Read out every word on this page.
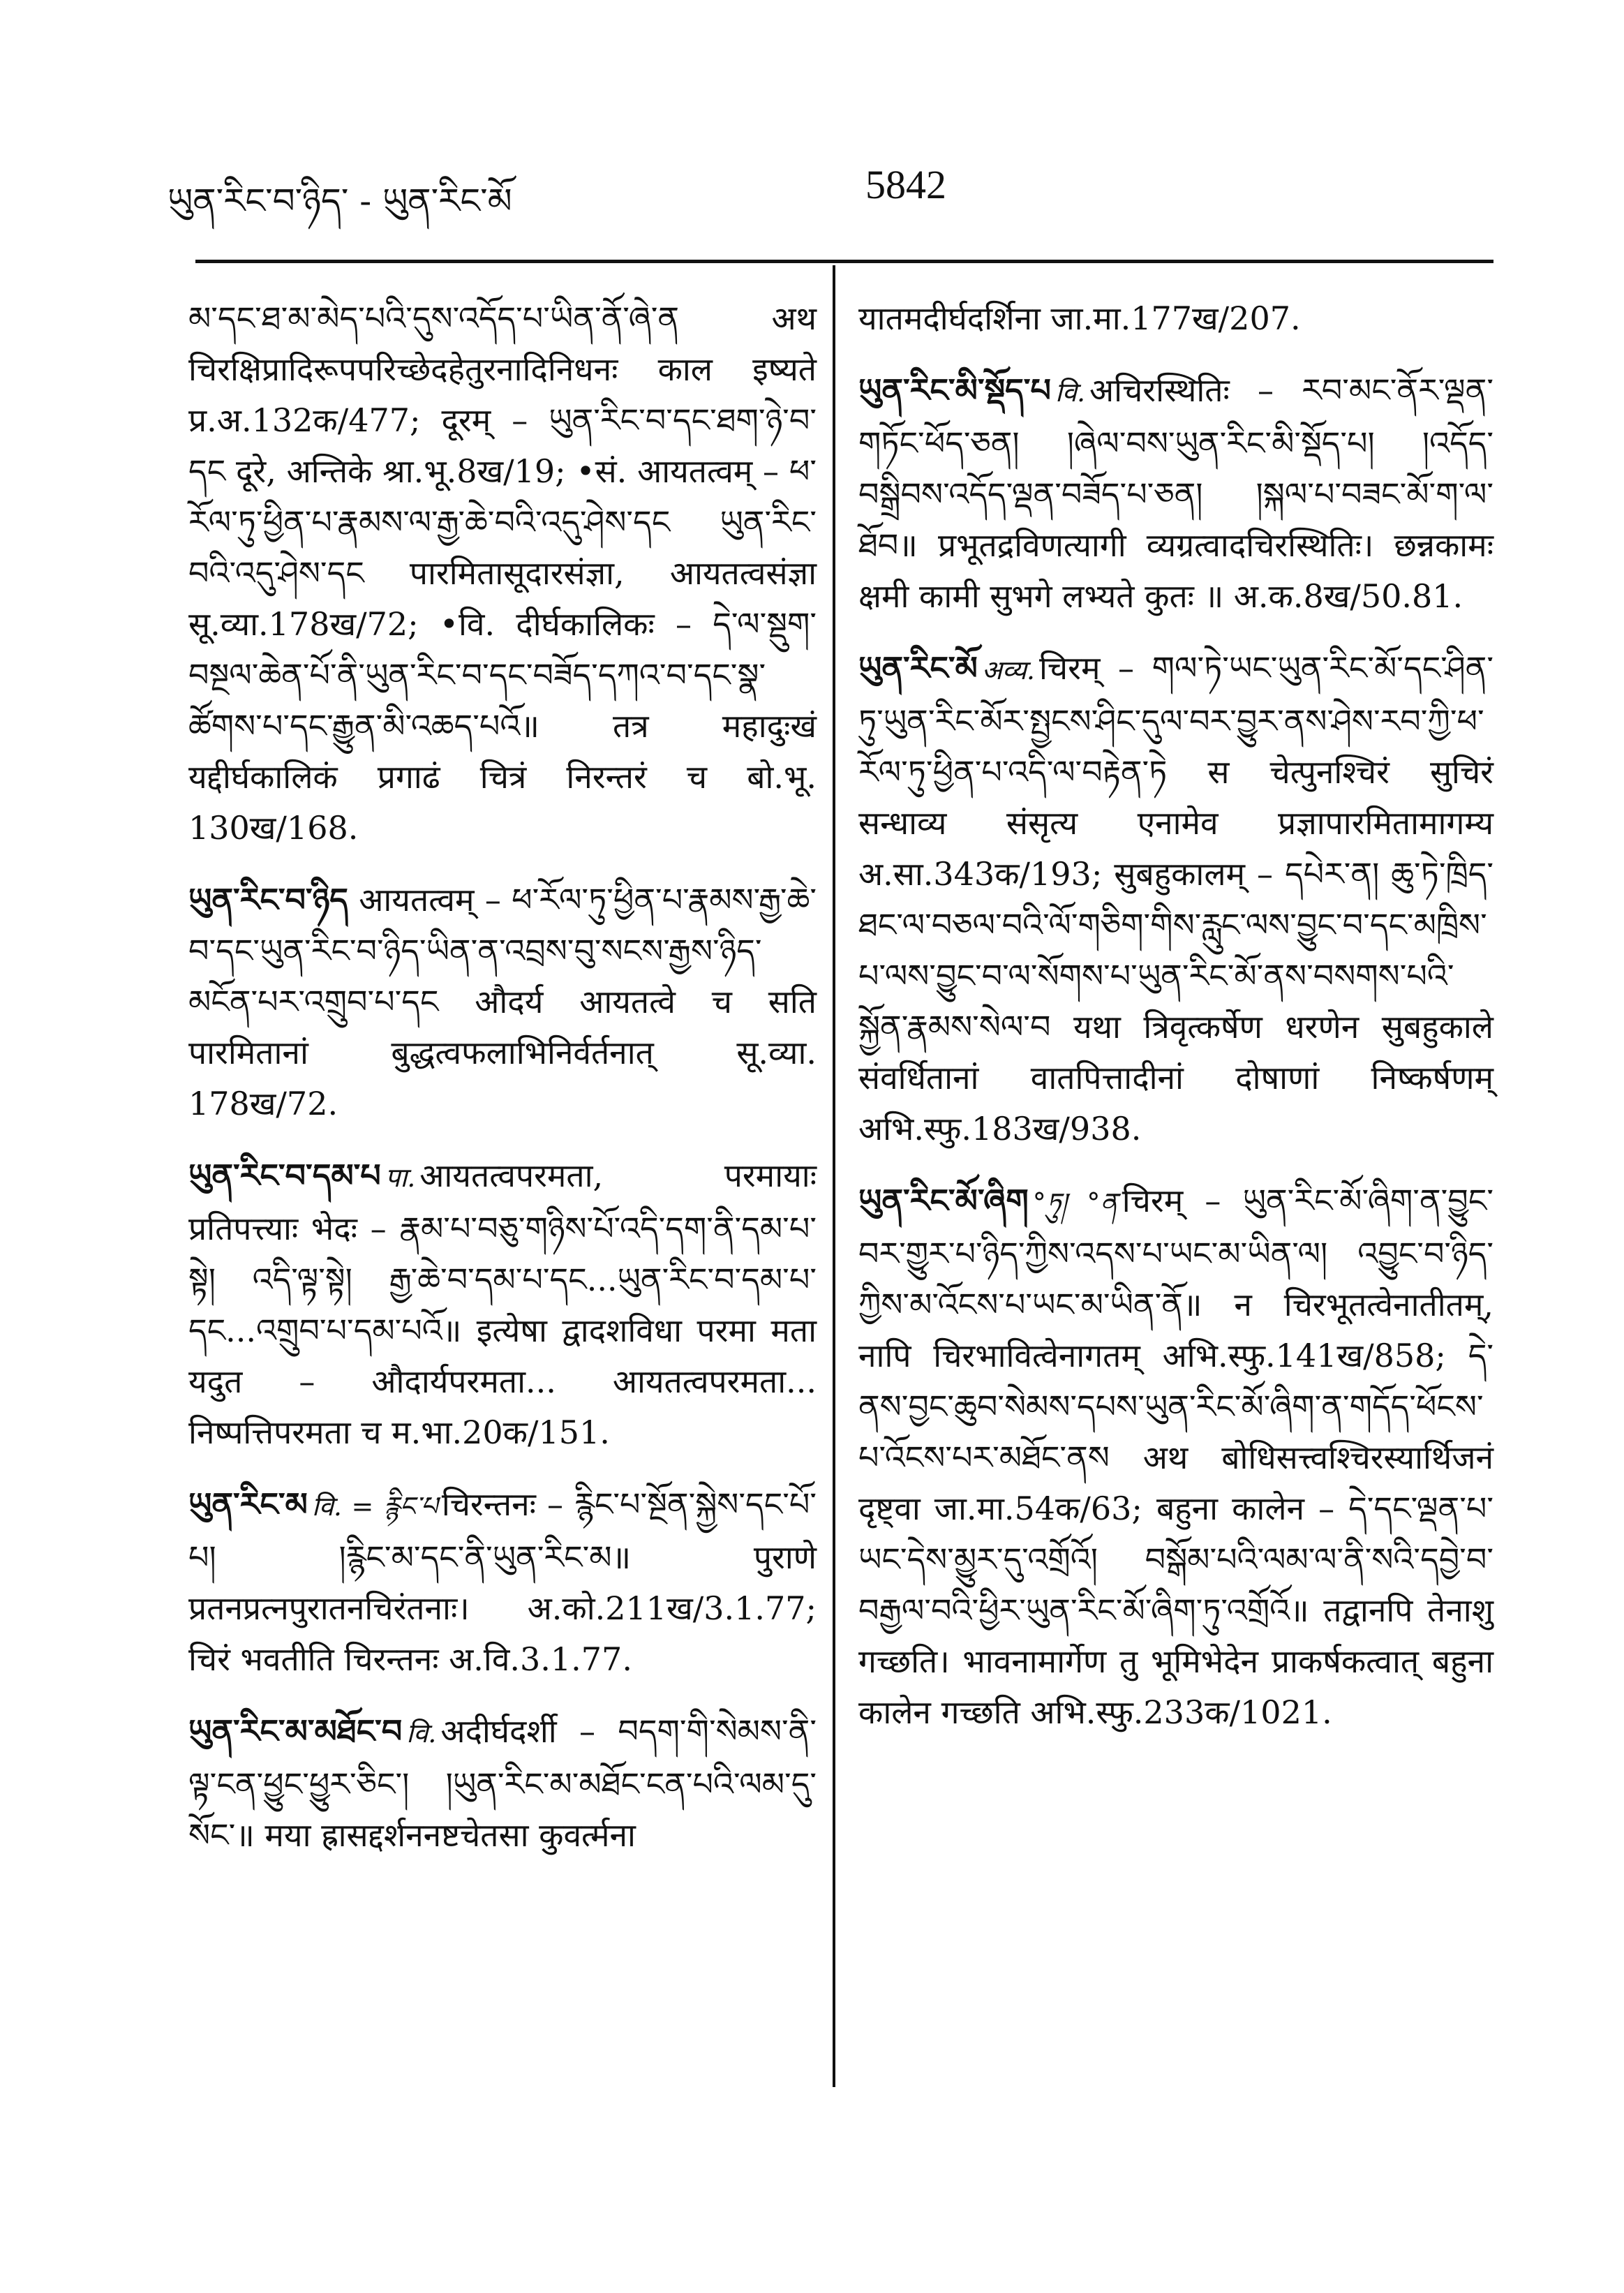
ཡུན་རིང་བ་ཉིད་ - ཡུན་རིང་མོ	5842

མ་དང་ཐ་མ་མེད་པའི་དུས་འདོད་པ་ཡིན་ནོ་ཞེ་ན अथ चिरक्षिप्रादिरूपपरिच्छेदहेतुरनादिनिधनः काल इष्यते प्र.अ.132क/477; दूरम् – ཡུན་རིང་བ་དང་ཐག་ཉེ་བ་དང दूरे, अन्तिके श्रा.भू.8ख/19; •सं. आयतत्वम् – ཕ་རོལ་ཏུ་ཕྱིན་པ་རྣམས་ལ་རྒྱ་ཆེ་བའི་འདུ་ཤེས་དང ཡུན་རིང་བའི་འདུ་ཤེས་དང पारमितासूदारसंज्ञा, आयतत्वसंज्ञा सू.व्या.178ख/72; •वि. दीर्घकालिकः – དེ་ལ་སྡུག་བསྔལ་ཆེན་པོ་ནི་ཡུན་རིང་བ་དང་བཟོད་དཀའ་བ་དང་སྣ་ཚོགས་པ་དང་རྒྱུན་མི་འཆད་པའོ॥ तत्र महादुःखं यद्दीर्घकालिकं प्रगाढं चित्रं निरन्तरं च बो.भू. 130ख/168.

ཡུན་རིང་བ་ཉིད आयतत्वम् – ཕ་རོལ་ཏུ་ཕྱིན་པ་རྣམས་རྒྱ་ཆེ་བ་དང་ཡུན་རིང་བ་ཉིད་ཡིན་ན་འབྲས་བུ་སངས་རྒྱས་ཉིད་མངོན་པར་འགྲུབ་པ་དང औदर्य आयतत्वे च सति पारमितानां बुद्धत्वफलाभिनिर्वर्तनात् सू.व्या. 178ख/72.

ཡུན་རིང་བ་དམ་པ पा. आयतत्वपरमता, परमायाः प्रतिपत्त्याः भेदः – རྣམ་པ་བཅུ་གཉིས་པོ་འདི་དག་ནི་དམ་པ་སྟེ། འདི་ལྟ་སྟེ། རྒྱ་ཆེ་བ་དམ་པ་དང...ཡུན་རིང་བ་དམ་པ་དང...འགྲུབ་པ་དམ་པའོ॥ इत्येषा द्वादशविधा परमा मता यदुत – औदार्यपरमता... आयतत्वपरमता... निष्पत्तिपरमता च म.भा.20क/151.

ཡུན་རིང་མ वि. = རྙིང་པ चिरन्तनः – རྙིང་པ་སྔོན་སྐྱེས་དང་པོ་པ། །རྙིང་མ་དང་ནི་ཡུན་རིང་མ॥ पुराणे प्रतनप्रत्नपुरातनचिरंतनाः। अ.को.211ख/3.1.77; चिरं भवतीति चिरन्तनः अ.वि.3.1.77.

ཡུན་རིང་མ་མཐོང་བ वि. अदीर्घदर्शी – བདག་གི་སེམས་ནི་ལྟ་ངན་ཕྱུང་ཕྱུར་ཅིང་། །ཡུན་རིང་མ་མཐོང་ངན་པའི་ལམ་དུ་སོང་॥ मया ह्रासद्दर्शननष्टचेतसा कुवर्त्मना

यातमदीर्घदर्शिना जा.मा.177ख/207.

ཡུན་རིང་མི་སྡོད་པ वि. अचिरस्थितिः – རབ་མང་ནོར་ལྡན་གཏོང་ཕོད་ཅན། །ཞེལ་བས་ཡུན་རིང་མི་སྡོད་པ། །འདོད་བསྒྲིབས་འདོད་ལྡན་བཟོད་པ་ཅན། །སྐལ་པ་བཟང་མོ་ག་ལ་ཐོབ॥ प्रभूतद्रविणत्यागी व्यग्रत्वादचिरस्थितिः। छन्नकामः क्षमी कामी सुभगे लभ्यते कुतः ॥ अ.क.8ख/50.81.

ཡུན་རིང་མོ अव्य. चिरम् – གལ་ཏེ་ཡང་ཡུན་རིང་མོ་དང་ཤིན་ཏུ་ཡུན་རིང་མོར་སྤྱངས་ཤིང་དུལ་བར་བྱུར་ནས་ཤེས་རབ་ཀྱི་ཕ་རོལ་ཏུ་ཕྱིན་པ་འདི་ལ་བརྟེན་ཏེ स चेत्पुनश्चिरं सुचिरं सन्धाव्य संसृत्य एनामेव प्रज्ञापारमितामागम्य अ.सा.343क/193; सुबहुकालम् – དཔེར་ན། ཆུ་ཏེ་ཁྲིད་ཐང་ལ་བཅལ་བའི་ལོ་གཅིག་གིས་རླུང་ལས་བྱུང་བ་དང་མཁྲིས་པ་ལས་བྱུང་བ་ལ་སོགས་པ་ཡུན་རིང་མོ་ནས་བསགས་པའི་སྐྱོན་རྣམས་སེལ་བ यथा त्रिवृत्कर्षेण धरणेन सुबहुकाले संवर्धितानां वातपित्तादीनां दोषाणां निष्कर्षणम् अभि.स्फु.183ख/938.

ཡུན་རིང་མོ་ཞིག °ཏུ། °ན चिरम् – ཡུན་རིང་མོ་ཞིག་ན་བྱུང་བར་གྱུར་པ་ཉིད་ཀྱིས་འདས་པ་ཡང་མ་ཡིན་ལ། འབྱུང་བ་ཉིད་ཀྱིས་མ་འོངས་པ་ཡང་མ་ཡིན་ནོ॥ न चिरभूतत्वेनातीतम्, नापि चिरभावित्वेनागतम् अभि.स्फु.141ख/858; དེ་ནས་བྱང་ཆུབ་སེམས་དཔས་ཡུན་རིང་མོ་ཞིག་ན་གདོད་ཕོངས་པ་འོངས་པར་མཐོང་ནས अथ बोधिसत्त्वश्चिरस्यार्थिजनं दृष्ट्वा जा.मा.54क/63; बहुना कालेन – དེ་དང་ལྡན་པ་ཡང་དེས་མྱུར་དུ་འགྲོའོ། བསྒོམ་པའི་ལམ་ལ་ནི་སའི་དབྱེ་བ་བརྒྱལ་བའི་ཕྱིར་ཡུན་རིང་མོ་ཞིག་ཏུ་འགྲོའོ॥ तद्वानपि तेनाशु गच्छति। भावनामार्गेण तु भूमिभेदेन प्राकर्षकत्वात् बहुना कालेन गच्छति अभि.स्फु.233क/1021.
